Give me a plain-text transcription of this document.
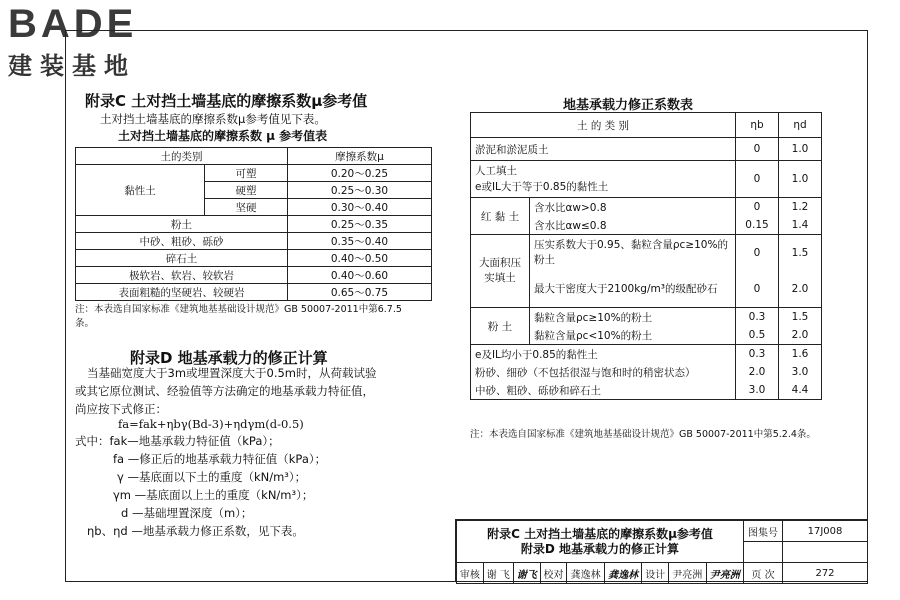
BADE
建装基地
附录C 土对挡土墙基底的摩擦系数μ参考值
土对挡土墙基底的摩擦系数μ参考值见下表。
土对挡土墙基底的摩擦系数 μ 参考值表
土的类别		摩擦系数μ
黏性土	可塑	0.20～0.25
	硬塑	0.25～0.30
	坚硬	0.30～0.40
粉土		0.25～0.35
中砂、粗砂、砾砂		0.35～0.40
碎石土		0.40～0.50
极软岩、软岩、较软岩		0.40～0.60
表面粗糙的坚硬岩、较硬岩		0.65～0.75
注：本表选自国家标准《建筑地基基础设计规范》GB 50007-2011中第6.7.5
条。
附录D 地基承载力的修正计算
当基础宽度大于3m或埋置深度大于0.5m时，从荷载试验
或其它原位测试、经验值等方法确定的地基承载力特征值，
尚应按下式修正：
fa=fak+ηbγ(Bd-3)+ηdγm(d-0.5)
式中：fak—地基承载力特征值（kPa）；
fa —修正后的地基承载力特征值（kPa）；
γ —基底面以下土的重度（kN/m³）；
γm —基底面以上土的重度（kN/m³）；
d —基础埋置深度（m）；
ηb、ηd —地基承载力修正系数，见下表。
地基承载力修正系数表
土 的 类 别		ηb	ηd
淤泥和淤泥质土		0	1.0

人工填土
e或IL大于等于0.85的黏性土		0	1.0
红 黏 土	含水比αw>0.8	0	1.2
	含水比αw≤0.8	0.15	1.4
大面积压实填土	压实系数大于0.95、黏粒含量ρc≥10%的粉土	0	1.5
	最大干密度大于2100kg/m³的级配砂石	0	2.0
粉 土	黏粒含量ρc≥10%的粉土	0.3	1.5
	黏粒含量ρc<10%的粉土	0.5	2.0
e及IL均小于0.85的黏性土		0.3	1.6
粉砂、细砂（不包括很湿与饱和时的稍密状态）		2.0	3.0
中砂、粗砂、砾砂和碎石土		3.0	4.4
注：本表选自国家标准《建筑地基基础设计规范》GB 50007-2011中第5.2.4条。
附录C 土对挡土墙基底的摩擦系数μ参考值
附录D 地基承载力的修正计算									图集号	17J008

审核	谢 飞	谢飞	校对	龚逸林	龚逸林	设计	尹亮洲	尹亮洲	页 次	272
